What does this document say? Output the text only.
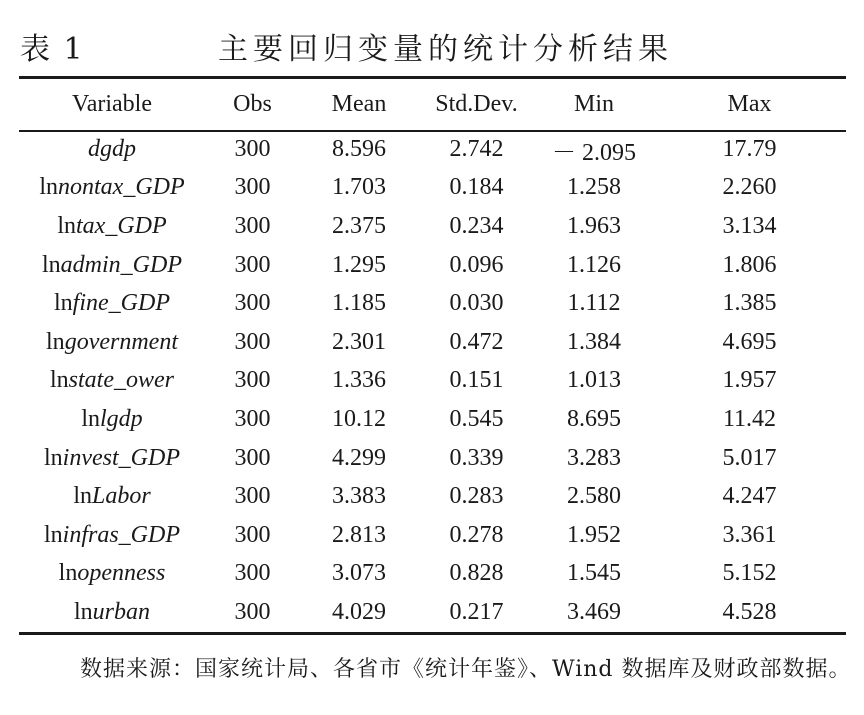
表 1	主要回归变量的统计分析结果
Variable	Obs	Mean	Std.Dev.	Min	Max
dgdp	300	8.596	2.742	－ 2.095	17.79
lnnontax_GDP	300	1.703	0.184	1.258	2.260
lntax_GDP	300	2.375	0.234	1.963	3.134
lnadmin_GDP	300	1.295	0.096	1.126	1.806
lnfine_GDP	300	1.185	0.030	1.112	1.385
lngovernment	300	2.301	0.472	1.384	4.695
lnstate_ower	300	1.336	0.151	1.013	1.957
lnlgdp	300	10.12	0.545	8.695	11.42
lninvest_GDP	300	4.299	0.339	3.283	5.017
lnLabor	300	3.383	0.283	2.580	4.247
lninfras_GDP	300	2.813	0.278	1.952	3.361
lnopenness	300	3.073	0.828	1.545	5.152
lnurban	300	4.029	0.217	3.469	4.528
数据来源：国家统计局、各省市《统计年鉴》、Wind 数据库及财政部数据。
